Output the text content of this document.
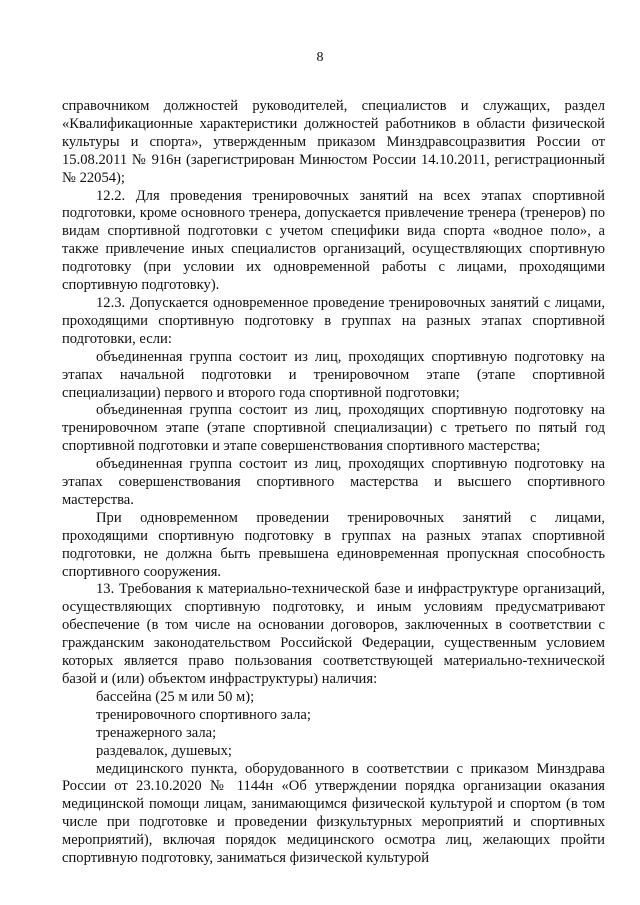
8

справочником должностей руководителей, специалистов и служащих, раздел «Квалификационные характеристики должностей работников в области физической культуры и спорта», утвержденным приказом Минздравсоцразвития России от 15.08.2011 № 916н (зарегистрирован Минюстом России 14.10.2011, регистрационный № 22054);

12.2. Для проведения тренировочных занятий на всех этапах спортивной подготовки, кроме основного тренера, допускается привлечение тренера (тренеров) по видам спортивной подготовки с учетом специфики вида спорта «водное поло», а также привлечение иных специалистов организаций, осуществляющих спортивную подготовку (при условии их одновременной работы с лицами, проходящими спортивную подготовку).

12.3. Допускается одновременное проведение тренировочных занятий с лицами, проходящими спортивную подготовку в группах на разных этапах спортивной подготовки, если:

объединенная группа состоит из лиц, проходящих спортивную подготовку на этапах начальной подготовки и тренировочном этапе (этапе спортивной специализации) первого и второго года спортивной подготовки;

объединенная группа состоит из лиц, проходящих спортивную подготовку на тренировочном этапе (этапе спортивной специализации) с третьего по пятый год спортивной подготовки и этапе совершенствования спортивного мастерства;

объединенная группа состоит из лиц, проходящих спортивную подготовку на этапах совершенствования спортивного мастерства и высшего спортивного мастерства.

При одновременном проведении тренировочных занятий с лицами, проходящими спортивную подготовку в группах на разных этапах спортивной подготовки, не должна быть превышена единовременная пропускная способность спортивного сооружения.

13. Требования к материально-технической базе и инфраструктуре организаций, осуществляющих спортивную подготовку, и иным условиям предусматривают обеспечение (в том числе на основании договоров, заключенных в соответствии с гражданским законодательством Российской Федерации, существенным условием которых является право пользования соответствующей материально-технической базой и (или) объектом инфраструктуры) наличия:

бассейна (25 м или 50 м);

тренировочного спортивного зала;

тренажерного зала;

раздевалок, душевых;

медицинского пункта, оборудованного в соответствии с приказом Минздрава России от 23.10.2020 № 1144н «Об утверждении порядка организации оказания медицинской помощи лицам, занимающимся физической культурой и спортом (в том числе при подготовке и проведении физкультурных мероприятий и спортивных мероприятий), включая порядок медицинского осмотра лиц, желающих пройти спортивную подготовку, заниматься физической культурой
